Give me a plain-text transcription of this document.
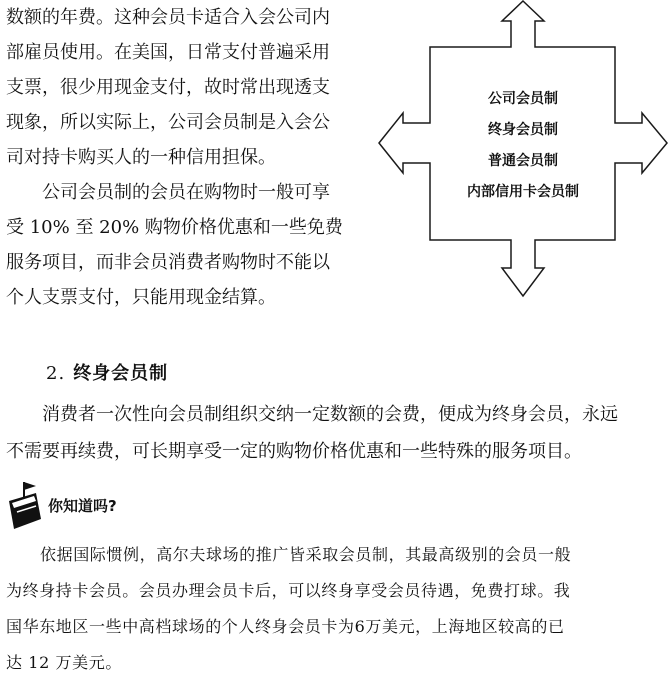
数额的年费。这种会员卡适合入会公司内
部雇员使用。在美国，日常支付普遍采用
支票，很少用现金支付，故时常出现透支
现象，所以实际上，公司会员制是入会公
司对持卡购买人的一种信用担保。

公司会员制的会员在购物时一般可享
受 10% 至 20% 购物价格优惠和一些免费
服务项目，而非会员消费者购物时不能以
个人支票支付，只能用现金结算。

公司会员制
终身会员制
普通会员制
内部信用卡会员制
2. 终身会员制

消费者一次性向会员制组织交纳一定数额的会费，便成为终身会员，永远
不需要再续费，可长期享受一定的购物价格优惠和一些特殊的服务项目。

你知道吗?

依据国际惯例，高尔夫球场的推广皆采取会员制，其最高级别的会员一般
为终身持卡会员。会员办理会员卡后，可以终身享受会员待遇，免费打球。我
国华东地区一些中高档球场的个人终身会员卡为6万美元，上海地区较高的已
达 12 万美元。
